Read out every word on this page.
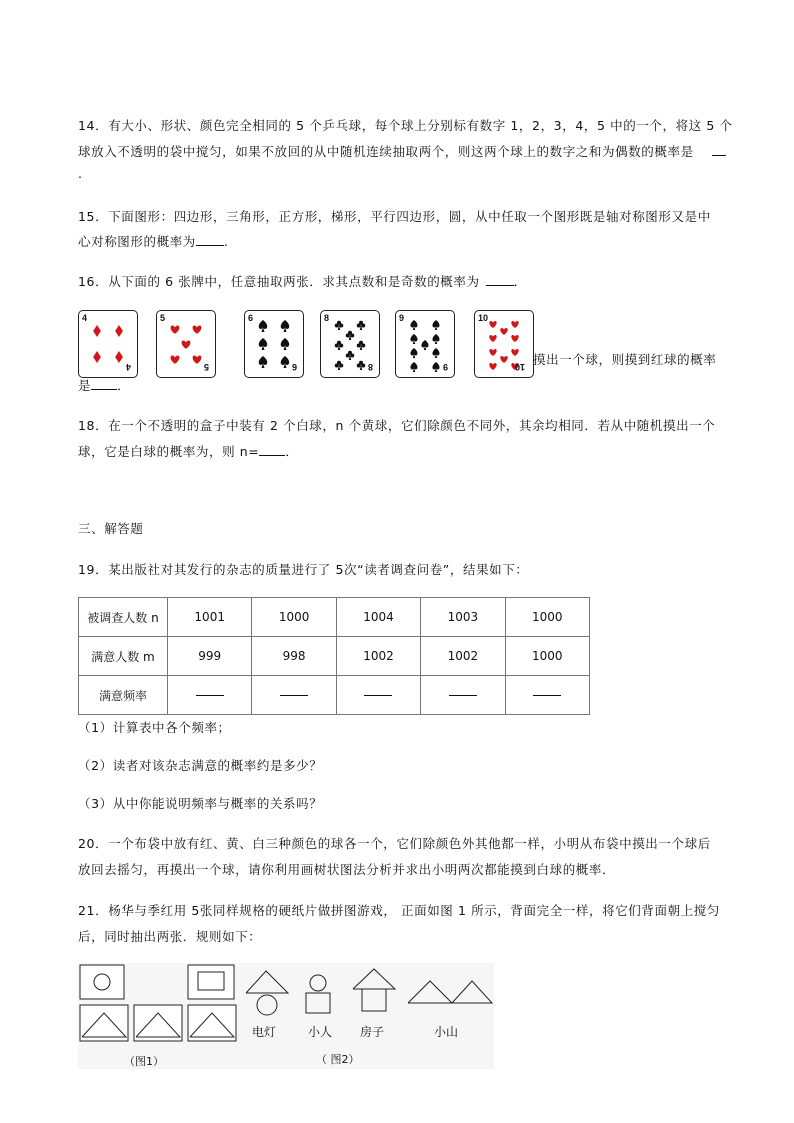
14．有大小、形状、颜色完全相同的 5 个乒乓球，每个球上分别标有数字 1，2，3，4，5 中的一个，将这 5 个
球放入不透明的袋中搅匀，如果不放回的从中随机连续抽取两个，则这两个球上的数字之和为偶数的概率是
.
15．下面图形：四边形，三角形，正方形，梯形，平行四边形，圆，从中任取一个图形既是轴对称图形又是中
心对称图形的概率为 .
16．从下面的 6 张牌中，任意抽取两张．求其点数和是奇数的概率为	．
4
4
5
5
6
6
8
8
9
9
10
10 摸出一个球，则摸到红球的概率
是 ．
18．在一个不透明的盒子中装有 2 个白球，n 个黄球，它们除颜色不同外，其余均相同．若从中随机摸出一个
球，它是白球的概率为，则 n= ．
三、解答题
19．某出版社对其发行的杂志的质量进行了 5次“读者调查问卷”，结果如下：
被调查人数 n	1001	1000	1004	1003	1000
满意人数 m	999	998	1002	1002	1000
满意频率					
（1）计算表中各个频率；
（2）读者对该杂志满意的概率约是多少？
（3）从中你能说明频率与概率的关系吗？
20．一个布袋中放有红、黄、白三种颜色的球各一个，它们除颜色外其他都一样，小明从布袋中摸出一个球后
放回去摇匀，再摸出一个球，请你利用画树状图法分析并求出小明两次都能摸到白球的概率．
21．杨华与季红用 5张同样规格的硬纸片做拼图游戏， 正面如图 1 所示，背面完全一样，将它们背面朝上搅匀
后，同时抽出两张．规则如下：
（图1）	（ 图2）
电灯	小人 房子	小山
